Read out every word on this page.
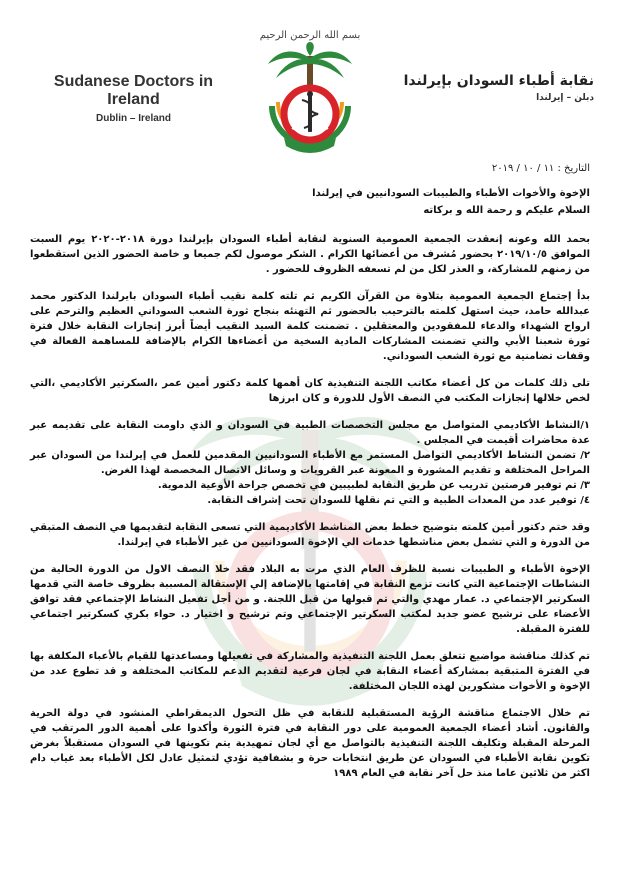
بسم الله الرحمن الرحيم
Sudanese Doctors in Ireland
Dublin – Ireland
نقابة أطباء السودان بإيرلندا
دبلن – إيرلندا
التاريخ : ١١ / ١٠ / ٢٠١٩

الإخوة والأخوات الأطباء والطبيبات السودانيين في إيرلندا

السلام عليكم و رحمة الله و بركاته

بحمد الله وعونه إنعقدت الجمعية العمومية السنوية لنقابة أطباء السودان بإيرلندا دورة ٢٠١٨-٢٠٢٠ يوم السبت الموافق ٢٠١٩/١٠/٥ بحضور مُشرف من أعضائها الكرام . الشكر موصول لكم جميعا و خاصة الحضور الذين استقطعوا من زمنهم للمشاركة، و العذر لكل من لم تسعفه الظروف للحضور .

بدأ إجتماع الجمعية العمومية بتلاوة من القرآن الكريم ثم تلته كلمة نقيب أطباء السودان بايرلندا الدكتور محمد عبدالله حامد، حيث استهل كلمته بالترحيب بالحضور ثم التهنئه بنجاح ثورة الشعب السوداني العظيم والترحم على ارواح الشهداء والدعاء للمفقودين والمعتقلين . تضمنت كلمة السيد النقيب أيضاً أبرز إنجازات النقابة خلال فترة ثورة شعبنا الأبي والتي تضمنت المشاركات المادية السخية من أعضاءها الكرام بالإضافة للمساهمة الفعالة في وقفات تضامنية مع ثورة الشعب السوداني.

تلى ذلك كلمات من كل أعضاء مكاتب اللجنة التنفيذية كان أهمها كلمة دكتور أمين عمر ،السكرتير الأكاديمي ،التي لخص خلالها إنجازات المكتب في النصف الأول للدورة و كان ابرزها

١/النشاط الأكاديمي المتواصل مع مجلس التخصصات الطبية في السودان و الذي داومت النقابة على تقديمه عبر عدة محاضرات أقيمت في المجلس .

٢/ تضمن النشاط الأكاديمي التواصل المستمر مع الأطباء السودانيين المقدمين للعمل في إيرلندا من السودان عبر المراحل المختلفة و تقديم المشورة و المعونة عبر القرويات و وسائل الاتصال المخصصة لهذا الغرض.

٣/ تم توفير فرصتين تدريب عن طريق النقابة لطبيبين في تخصص جراحة الأوعية الدموية.

٤/ توفير عدد من المعدات الطبية و التي تم نقلها للسودان تحت إشراف النقابة.

وقد ختم دكتور أمين كلمته بتوضيح خطط بعض المناشط الأكاديمية التي تسعى النقابة لتقديمها في النصف المتبقي من الدورة و التي تشمل بعض مناشطها خدمات الي الإخوة السودانيين من غير الأطباء في إيرلندا.

الإخوة الأطباء و الطبيبات نسبة للظرف العام الذي مرت به البلاد فقد خلا النصف الاول من الدورة الحالية من النشاطات الإجتماعية التي كانت تزمع النقابة في إقامتها بالإضافة إلي الإستقالة المسببة بظروف خاصة التي قدمها السكرتير الإجتماعي د. عمار مهدي والتي تم قبولها من قبل اللجنة. و من أجل تفعيل النشاط الإجتماعي فقد توافق الأعضاء على ترشيح عضو جديد لمكتب السكرتير الإجتماعي وتم ترشيح و اختيار د. حواء بكري كسكرتير اجتماعي للفترة المقبلة.

تم كذلك مناقشة مواضيع تتعلق بعمل اللجنة التنفيذية والمشاركة في تفعيلها ومساعدتها للقيام بالأعباء المكلفة بها في الفترة المتبقية بمشاركة أعضاء النقابة في لجان فرعية لتقديم الدعم للمكاتب المختلفة و قد تطوع عدد من الإخوة و الأخوات مشكورين لهذه اللجان المختلفة.

تم خلال الاجتماع مناقشة الرؤية المستقبلية للنقابة في ظل التحول الديمقراطي المنشود في دولة الحرية والقانون. أشاد أعضاء الجمعية العمومية على دور النقابة في فترة الثورة وأكدوا على أهمية الدور المرتقب في المرحلة المقبلة وتكليف اللجنة التنفيذية بالتواصل مع أي لجان تمهيدية يتم تكوينها في السودان مستقبلاً بغرض تكوين نقابة الأطباء في السودان عن طريق انتخابات حرة و بشفافية تؤدي لتمثيل عادل لكل الأطباء بعد غياب دام اكثر من ثلاثين عاما منذ حل آخر نقابة في العام ١٩٨٩
